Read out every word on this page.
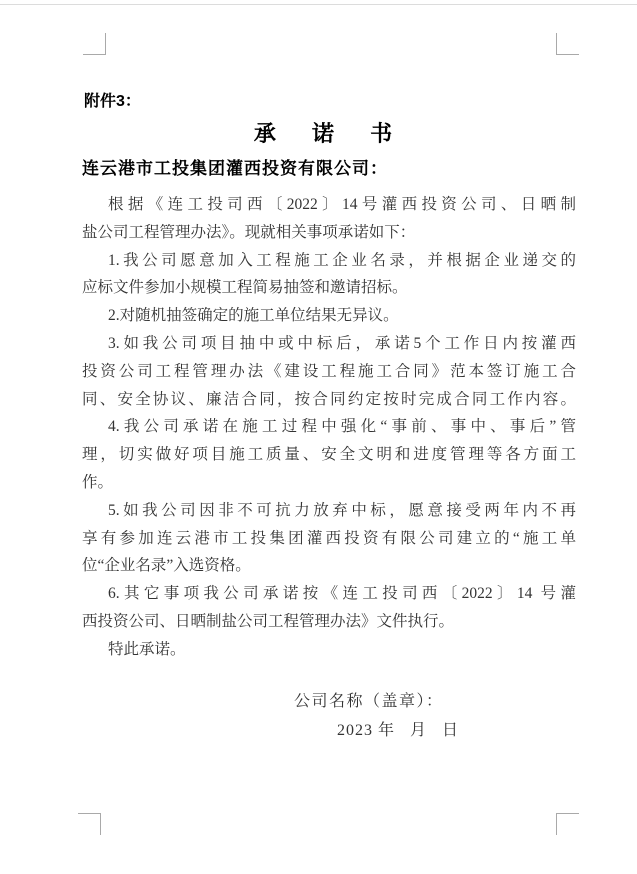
附件3：
承 诺 书
连云港市工投集团灌西投资有限公司：
根据《连工投司西〔2022〕14号灌西投资公司、日晒制
盐公司工程管理办法》。现就相关事项承诺如下：
1.我公司愿意加入工程施工企业名录，并根据企业递交的
应标文件参加小规模工程简易抽签和邀请招标。
2.对随机抽签确定的施工单位结果无异议。
3.如我公司项目抽中或中标后，承诺5个工作日内按灌西
投资公司工程管理办法《建设工程施工合同》范本签订施工合
同、安全协议、廉洁合同，按合同约定按时完成合同工作内容。
4.我公司承诺在施工过程中强化“事前、事中、事后”管
理，切实做好项目施工质量、安全文明和进度管理等各方面工
作。
5.如我公司因非不可抗力放弃中标，愿意接受两年内不再
享有参加连云港市工投集团灌西投资有限公司建立的“施工单
位“企业名录”入选资格。
6.其它事项我公司承诺按《连工投司西〔2022〕14 号灌
西投资公司、日晒制盐公司工程管理办法》文件执行。
特此承诺。
公司名称（盖章）：
2023 年   月   日
